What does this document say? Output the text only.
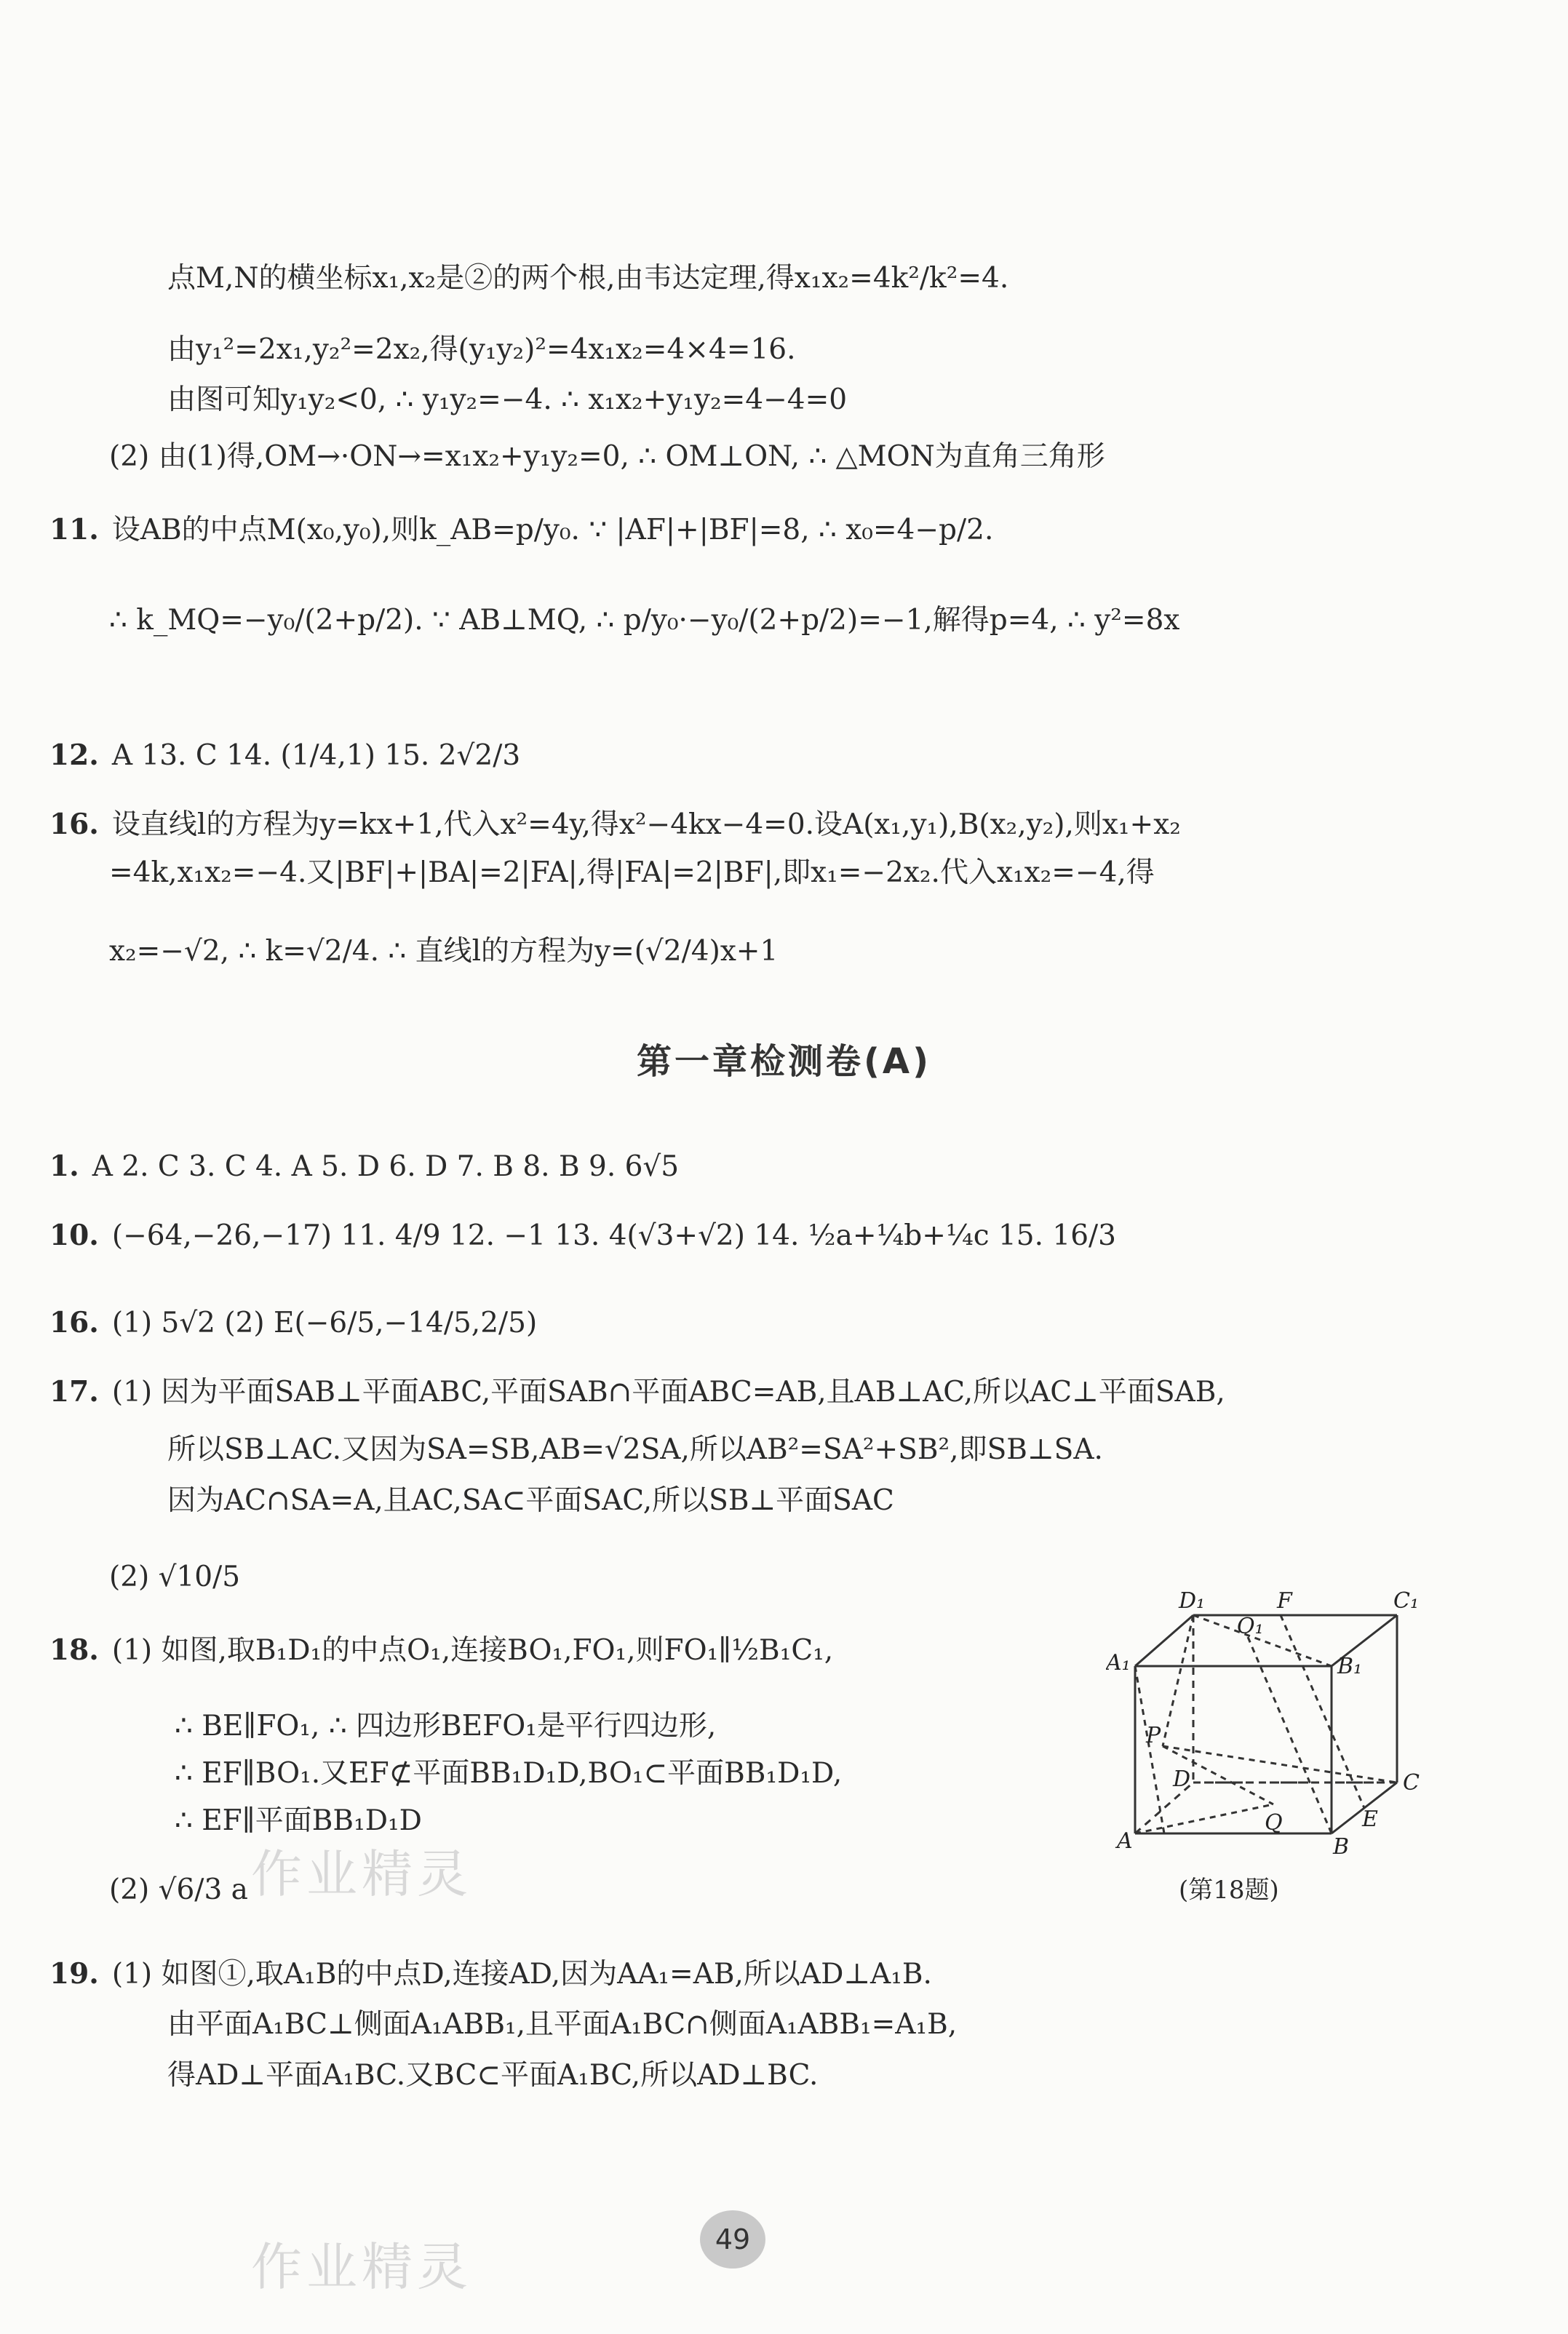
点M,N的横坐标x₁,x₂是②的两个根,由韦达定理,得x₁x₂=4k²/k²=4.
由y₁²=2x₁,y₂²=2x₂,得(y₁y₂)²=4x₁x₂=4×4=16.
由图可知y₁y₂<0, ∴ y₁y₂=−4. ∴ x₁x₂+y₁y₂=4−4=0
(2) 由(1)得,OM→·ON→=x₁x₂+y₁y₂=0, ∴ OM⊥ON, ∴ △MON为直角三角形
11. 设AB的中点M(x₀,y₀),则k_AB=p/y₀. ∵ |AF|+|BF|=8, ∴ x₀=4−p/2.
∴ k_MQ=−y₀/(2+p/2). ∵ AB⊥MQ, ∴ p/y₀·−y₀/(2+p/2)=−1,解得p=4, ∴ y²=8x
12. A 13. C 14. (1/4,1) 15. 2√2/3
16. 设直线l的方程为y=kx+1,代入x²=4y,得x²−4kx−4=0.设A(x₁,y₁),B(x₂,y₂),则x₁+x₂
=4k,x₁x₂=−4.又|BF|+|BA|=2|FA|,得|FA|=2|BF|,即x₁=−2x₂.代入x₁x₂=−4,得
x₂=−√2, ∴ k=√2/4. ∴ 直线l的方程为y=(√2/4)x+1
1. A 2. C 3. C 4. A 5. D 6. D 7. B 8. B 9. 6√5
10. (−64,−26,−17) 11. 4/9 12. −1 13. 4(√3+√2) 14. ½a+¼b+¼c 15. 16/3
16. (1) 5√2 (2) E(−6/5,−14/5,2/5)
17. (1) 因为平面SAB⊥平面ABC,平面SAB∩平面ABC=AB,且AB⊥AC,所以AC⊥平面SAB,
所以SB⊥AC.又因为SA=SB,AB=√2SA,所以AB²=SA²+SB²,即SB⊥SA.
因为AC∩SA=A,且AC,SA⊂平面SAC,所以SB⊥平面SAC
(2) √10/5
18. (1) 如图,取B₁D₁的中点O₁,连接BO₁,FO₁,则FO₁∥½B₁C₁,
∴ BE∥FO₁, ∴ 四边形BEFO₁是平行四边形,
∴ EF∥BO₁.又EF⊄平面BB₁D₁D,BO₁⊂平面BB₁D₁D,
∴ EF∥平面BB₁D₁D
(2) √6/3 a
19. (1) 如图①,取A₁B的中点D,连接AD,因为AA₁=AB,所以AD⊥A₁B.
由平面A₁BC⊥侧面A₁ABB₁,且平面A₁BC∩侧面A₁ABB₁=A₁B,
得AD⊥平面A₁BC.又BC⊂平面A₁BC,所以AD⊥BC.
第一章检测卷(A)
D₁
O₁
F	C₁
A₁	B₁
P
D	C
Q	E
A	B
(第18题)
作业精灵
作业精灵	49
